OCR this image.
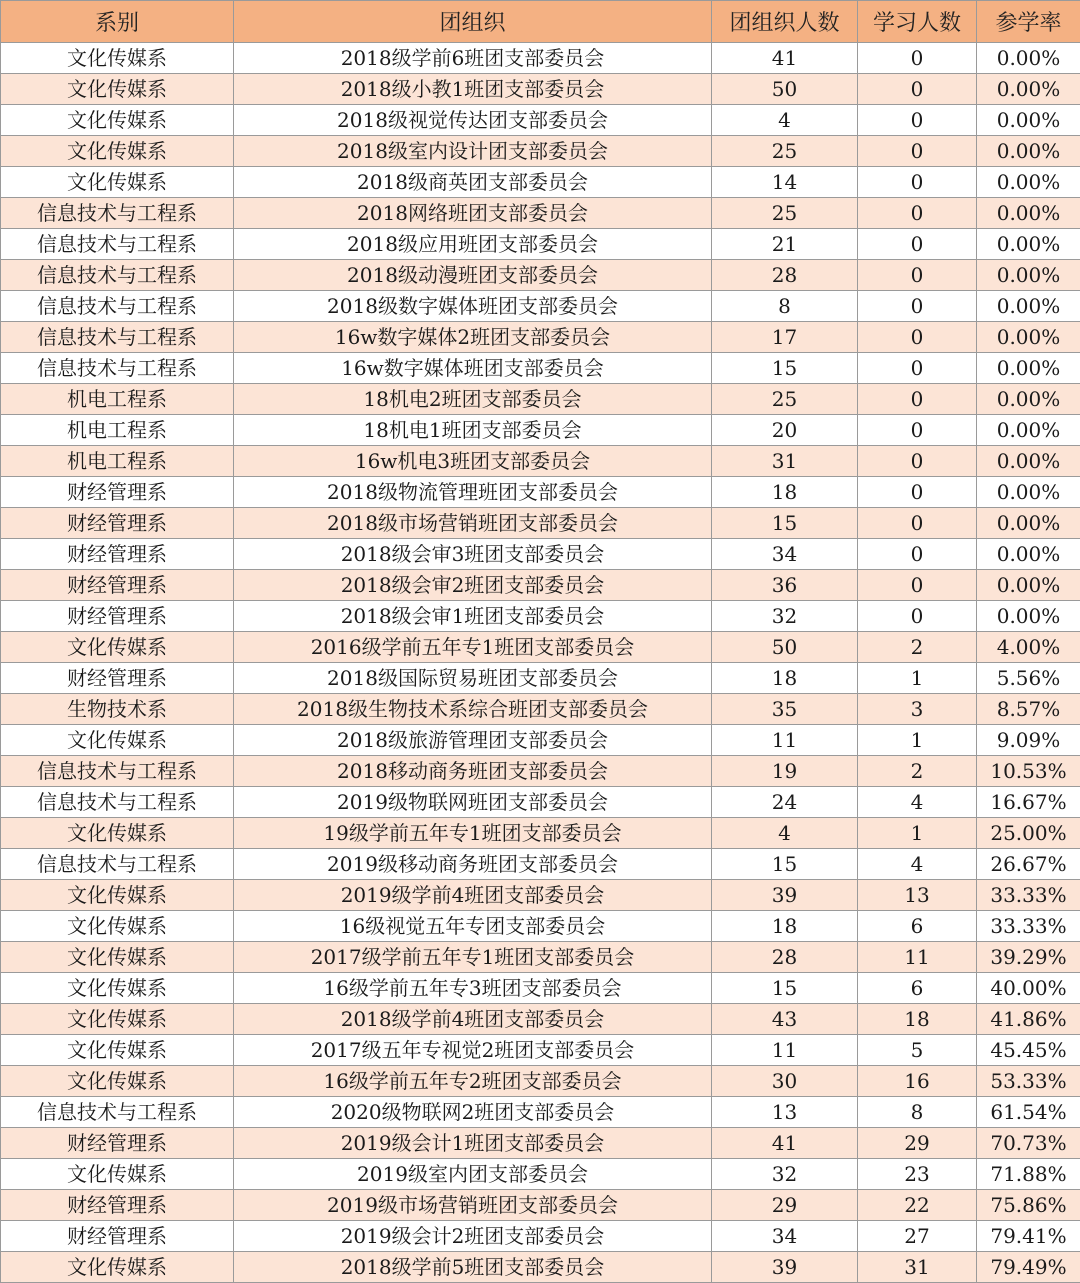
系别	团组织	团组织人数	学习人数	参学率
文化传媒系	2018级学前6班团支部委员会	41	0	0.00%
文化传媒系	2018级小教1班团支部委员会	50	0	0.00%
文化传媒系	2018级视觉传达团支部委员会	4	0	0.00%
文化传媒系	2018级室内设计团支部委员会	25	0	0.00%
文化传媒系	2018级商英团支部委员会	14	0	0.00%
信息技术与工程系	2018网络班团支部委员会	25	0	0.00%
信息技术与工程系	2018级应用班团支部委员会	21	0	0.00%
信息技术与工程系	2018级动漫班团支部委员会	28	0	0.00%
信息技术与工程系	2018级数字媒体班团支部委员会	8	0	0.00%
信息技术与工程系	16w数字媒体2班团支部委员会	17	0	0.00%
信息技术与工程系	16w数字媒体班团支部委员会	15	0	0.00%
机电工程系	18机电2班团支部委员会	25	0	0.00%
机电工程系	18机电1班团支部委员会	20	0	0.00%
机电工程系	16w机电3班团支部委员会	31	0	0.00%
财经管理系	2018级物流管理班团支部委员会	18	0	0.00%
财经管理系	2018级市场营销班团支部委员会	15	0	0.00%
财经管理系	2018级会审3班团支部委员会	34	0	0.00%
财经管理系	2018级会审2班团支部委员会	36	0	0.00%
财经管理系	2018级会审1班团支部委员会	32	0	0.00%
文化传媒系	2016级学前五年专1班团支部委员会	50	2	4.00%
财经管理系	2018级国际贸易班团支部委员会	18	1	5.56%
生物技术系	2018级生物技术系综合班团支部委员会	35	3	8.57%
文化传媒系	2018级旅游管理团支部委员会	11	1	9.09%
信息技术与工程系	2018移动商务班团支部委员会	19	2	10.53%
信息技术与工程系	2019级物联网班团支部委员会	24	4	16.67%
文化传媒系	19级学前五年专1班团支部委员会	4	1	25.00%
信息技术与工程系	2019级移动商务班团支部委员会	15	4	26.67%
文化传媒系	2019级学前4班团支部委员会	39	13	33.33%
文化传媒系	16级视觉五年专团支部委员会	18	6	33.33%
文化传媒系	2017级学前五年专1班团支部委员会	28	11	39.29%
文化传媒系	16级学前五年专3班团支部委员会	15	6	40.00%
文化传媒系	2018级学前4班团支部委员会	43	18	41.86%
文化传媒系	2017级五年专视觉2班团支部委员会	11	5	45.45%
文化传媒系	16级学前五年专2班团支部委员会	30	16	53.33%
信息技术与工程系	2020级物联网2班团支部委员会	13	8	61.54%
财经管理系	2019级会计1班团支部委员会	41	29	70.73%
文化传媒系	2019级室内团支部委员会	32	23	71.88%
财经管理系	2019级市场营销班团支部委员会	29	22	75.86%
财经管理系	2019级会计2班团支部委员会	34	27	79.41%
文化传媒系	2018级学前5班团支部委员会	39	31	79.49%
